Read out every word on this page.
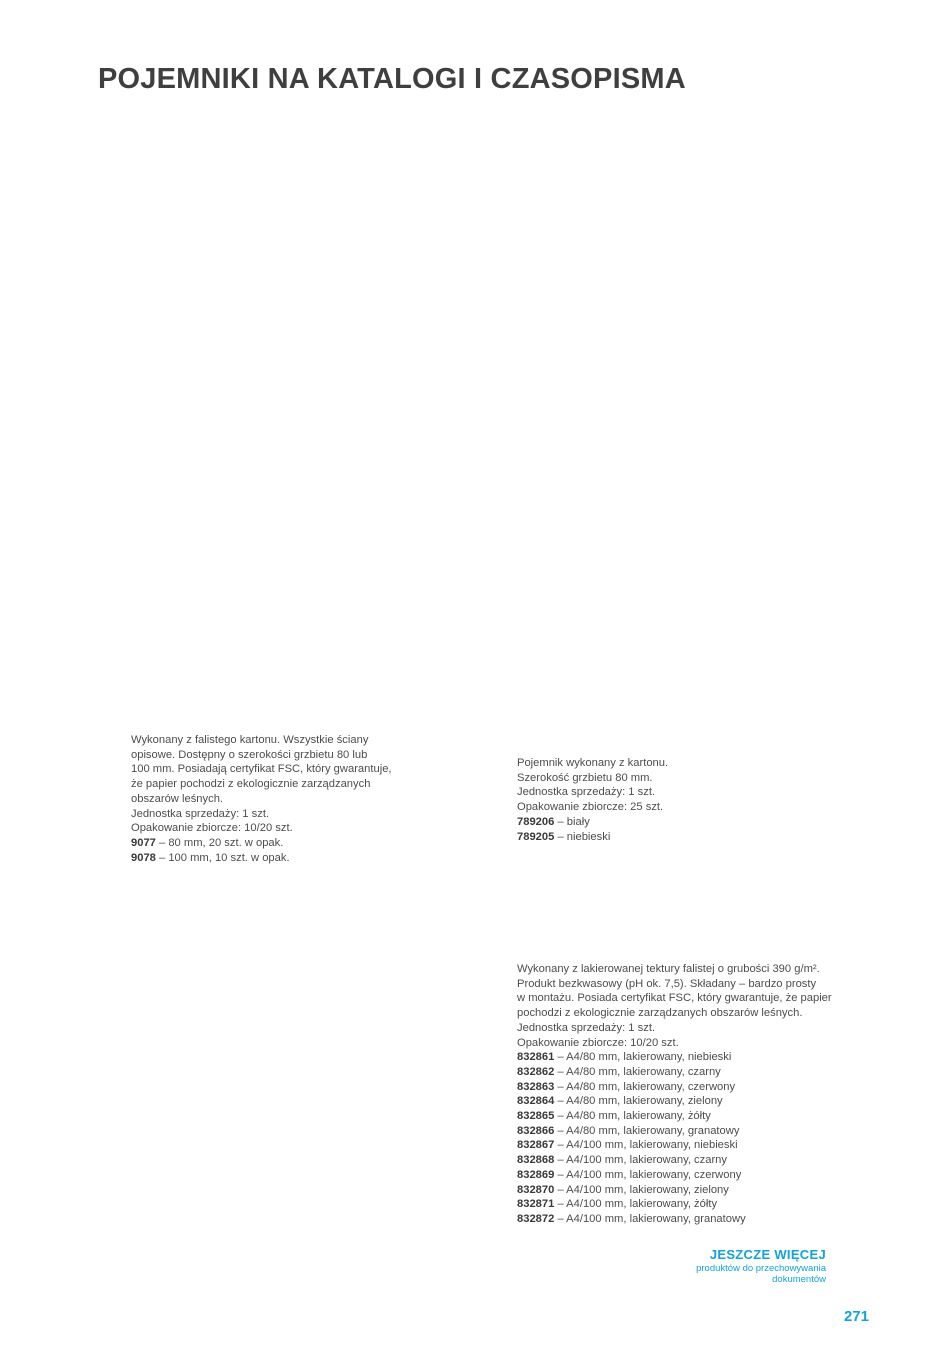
POJEMNIKI NA KATALOGI I CZASOPISMA
Wykonany z falistego kartonu. Wszystkie ściany
opisowe. Dostępny o szerokości grzbietu 80 lub
100 mm. Posiadają certyfikat FSC, który gwarantuje,
że papier pochodzi z ekologicznie zarządzanych
obszarów leśnych.
Jednostka sprzedaży: 1 szt.
Opakowanie zbiorcze: 10/20 szt.
9077 – 80 mm, 20 szt. w opak.
9078 – 100 mm, 10 szt. w opak.
Pojemnik wykonany z kartonu.
Szerokość grzbietu 80 mm.
Jednostka sprzedaży: 1 szt.
Opakowanie zbiorcze: 25 szt.
789206 – biały
789205 – niebieski
Wykonany z lakierowanej tektury falistej o grubości 390 g/m².
Produkt bezkwasowy (pH ok. 7,5). Składany – bardzo prosty
w montażu. Posiada certyfikat FSC, który gwarantuje, że papier
pochodzi z ekologicznie zarządzanych obszarów leśnych.
Jednostka sprzedaży: 1 szt.
Opakowanie zbiorcze: 10/20 szt.
832861 – A4/80 mm, lakierowany, niebieski
832862 – A4/80 mm, lakierowany, czarny
832863 – A4/80 mm, lakierowany, czerwony
832864 – A4/80 mm, lakierowany, zielony
832865 – A4/80 mm, lakierowany, żółty
832866 – A4/80 mm, lakierowany, granatowy
832867 – A4/100 mm, lakierowany, niebieski
832868 – A4/100 mm, lakierowany, czarny
832869 – A4/100 mm, lakierowany, czerwony
832870 – A4/100 mm, lakierowany, zielony
832871 – A4/100 mm, lakierowany, żółty
832872 – A4/100 mm, lakierowany, granatowy
JESZCZE WIĘCEJ
produktów do przechowywania
dokumentów
271
